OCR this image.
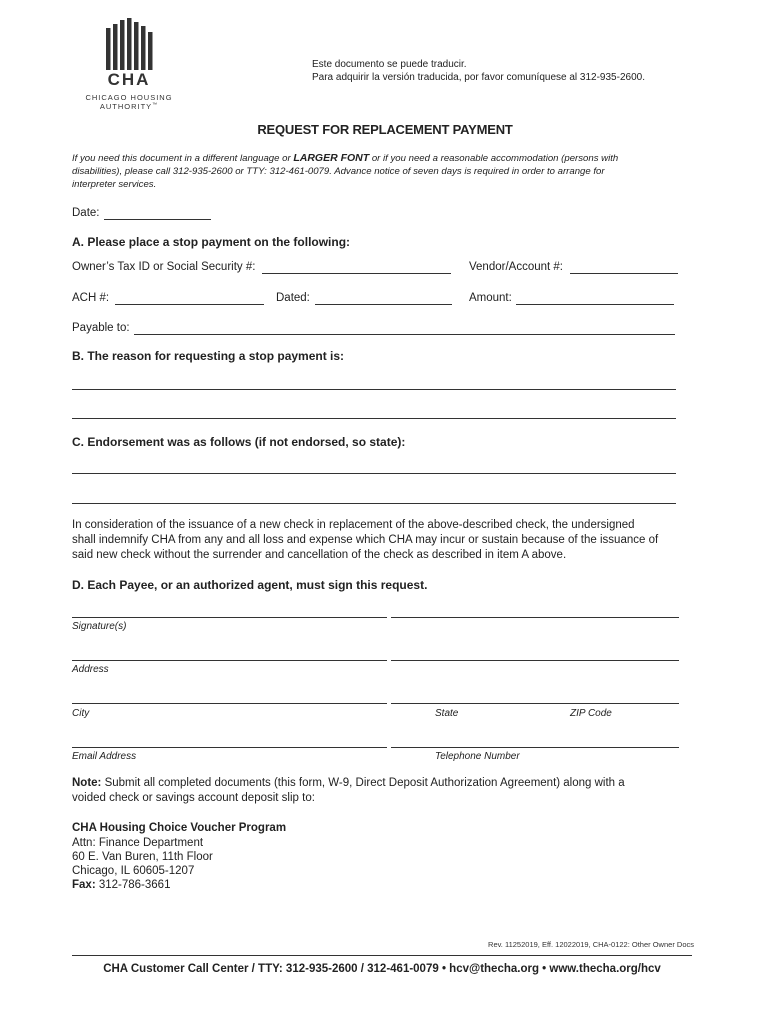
CHA
CHICAGO HOUSING
AUTHORITY™
Este documento se puede traducir.
Para adquirir la versión traducida, por favor comuníquese al 312-935-2600.
REQUEST FOR REPLACEMENT PAYMENT
If you need this document in a different language or LARGER FONT or if you need a reasonable accommodation (persons with
disabilities), please call 312-935-2600 or TTY: 312-461-0079. Advance notice of seven days is required in order to arrange for
interpreter services.
Date:
A. Please place a stop payment on the following:
Owner’s Tax ID or Social Security #:	Vendor/Account #:
ACH #:	Dated:	Amount:
Payable to:
B. The reason for requesting a stop payment is:
C. Endorsement was as follows (if not endorsed, so state):
In consideration of the issuance of a new check in replacement of the above-described check, the undersigned
shall indemnify CHA from any and all loss and expense which CHA may incur or sustain because of the issuance of
said new check without the surrender and cancellation of the check as described in item A above.
D. Each Payee, or an authorized agent, must sign this request.
Signature(s)
Address
City	State	ZIP Code
Email Address	Telephone Number
Note: Submit all completed documents (this form, W-9, Direct Deposit Authorization Agreement) along with a
voided check or savings account deposit slip to:
CHA Housing Choice Voucher Program
Attn: Finance Department
60 E. Van Buren, 11th Floor
Chicago, IL 60605-1207
Fax: 312-786-3661
Rev. 11252019, Eff. 12022019, CHA-0122: Other Owner Docs
CHA Customer Call Center / TTY: 312-935-2600 / 312-461-0079 • hcv@thecha.org • www.thecha.org/hcv
